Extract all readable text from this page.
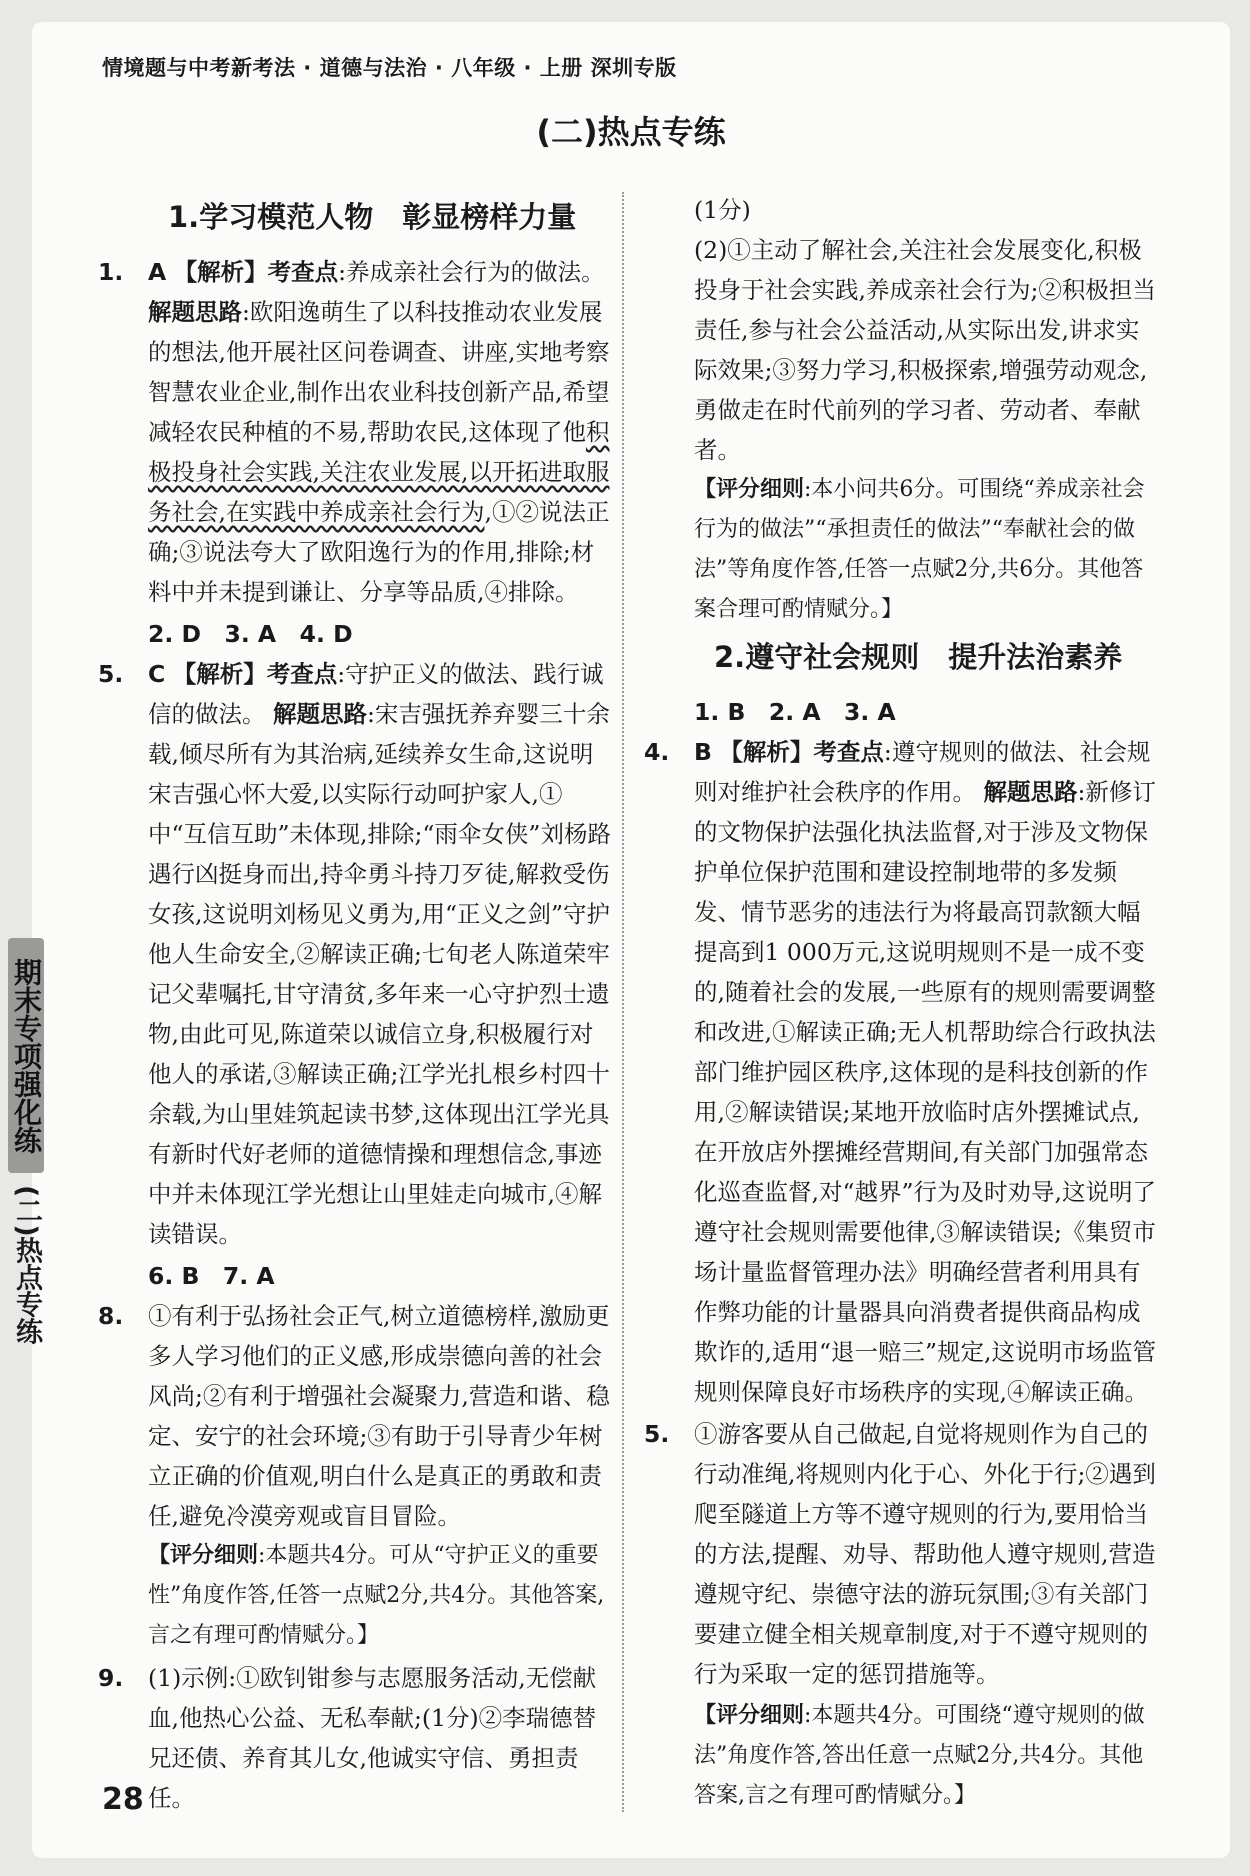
情境题与中考新考法 · 道德与法治 · 八年级 · 上册 深圳专版
(二)热点专练
1.学习模范人物　彰显榜样力量
1. A 【解析】考查点:养成亲社会行为的做法。 解题思路:欧阳逸萌生了以科技推动农业发展的想法,他开展社区问卷调查、讲座,实地考察智慧农业企业,制作出农业科技创新产品,希望减轻农民种植的不易,帮助农民,这体现了他积极投身社会实践,关注农业发展,以开拓进取服务社会,在实践中养成亲社会行为,①②说法正确;③说法夸大了欧阳逸行为的作用,排除;材料中并未提到谦让、分享等品质,④排除。
2. D　3. A　4. D
5. C 【解析】考查点:守护正义的做法、践行诚信的做法。 解题思路:宋吉强抚养弃婴三十余载,倾尽所有为其治病,延续养女生命,这说明宋吉强心怀大爱,以实际行动呵护家人,①中“互信互助”未体现,排除;“雨伞女侠”刘杨路遇行凶挺身而出,持伞勇斗持刀歹徒,解救受伤女孩,这说明刘杨见义勇为,用“正义之剑”守护他人生命安全,②解读正确;七旬老人陈道荣牢记父辈嘱托,甘守清贫,多年来一心守护烈士遗物,由此可见,陈道荣以诚信立身,积极履行对他人的承诺,③解读正确;江学光扎根乡村四十余载,为山里娃筑起读书梦,这体现出江学光具有新时代好老师的道德情操和理想信念,事迹中并未体现江学光想让山里娃走向城市,④解读错误。
6. B　7. A
8. ①有利于弘扬社会正气,树立道德榜样,激励更多人学习他们的正义感,形成崇德向善的社会风尚;②有利于增强社会凝聚力,营造和谐、稳定、安宁的社会环境;③有助于引导青少年树立正确的价值观,明白什么是真正的勇敢和责任,避免冷漠旁观或盲目冒险。
【评分细则:本题共4分。可从“守护正义的重要性”角度作答,任答一点赋2分,共4分。其他答案,言之有理可酌情赋分。】
9. (1)示例:①欧钊钳参与志愿服务活动,无偿献血,他热心公益、无私奉献;(1分)②李瑞德替兄还债、养育其儿女,他诚实守信、勇担责任。
(1分)
(2)①主动了解社会,关注社会发展变化,积极投身于社会实践,养成亲社会行为;②积极担当责任,参与社会公益活动,从实际出发,讲求实际效果;③努力学习,积极探索,增强劳动观念,勇做走在时代前列的学习者、劳动者、奉献者。
【评分细则:本小问共6分。可围绕“养成亲社会行为的做法”“承担责任的做法”“奉献社会的做法”等角度作答,任答一点赋2分,共6分。其他答案合理可酌情赋分。】
2.遵守社会规则　提升法治素养
1. B　2. A　3. A
4. B 【解析】考查点:遵守规则的做法、社会规则对维护社会秩序的作用。 解题思路:新修订的文物保护法强化执法监督,对于涉及文物保护单位保护范围和建设控制地带的多发频发、情节恶劣的违法行为将最高罚款额大幅提高到1 000万元,这说明规则不是一成不变的,随着社会的发展,一些原有的规则需要调整和改进,①解读正确;无人机帮助综合行政执法部门维护园区秩序,这体现的是科技创新的作用,②解读错误;某地开放临时店外摆摊试点,在开放店外摆摊经营期间,有关部门加强常态化巡查监督,对“越界”行为及时劝导,这说明了遵守社会规则需要他律,③解读错误;《集贸市场计量监督管理办法》明确经营者利用具有作弊功能的计量器具向消费者提供商品构成欺诈的,适用“退一赔三”规定,这说明市场监管规则保障良好市场秩序的实现,④解读正确。
5. ①游客要从自己做起,自觉将规则作为自己的行动准绳,将规则内化于心、外化于行;②遇到爬至隧道上方等不遵守规则的行为,要用恰当的方法,提醒、劝导、帮助他人遵守规则,营造遵规守纪、崇德守法的游玩氛围;③有关部门要建立健全相关规章制度,对于不遵守规则的行为采取一定的惩罚措施等。
【评分细则:本题共4分。可围绕“遵守规则的做法”角度作答,答出任意一点赋2分,共4分。其他答案,言之有理可酌情赋分。】
28
期末专项强化练
(二)热点专练
